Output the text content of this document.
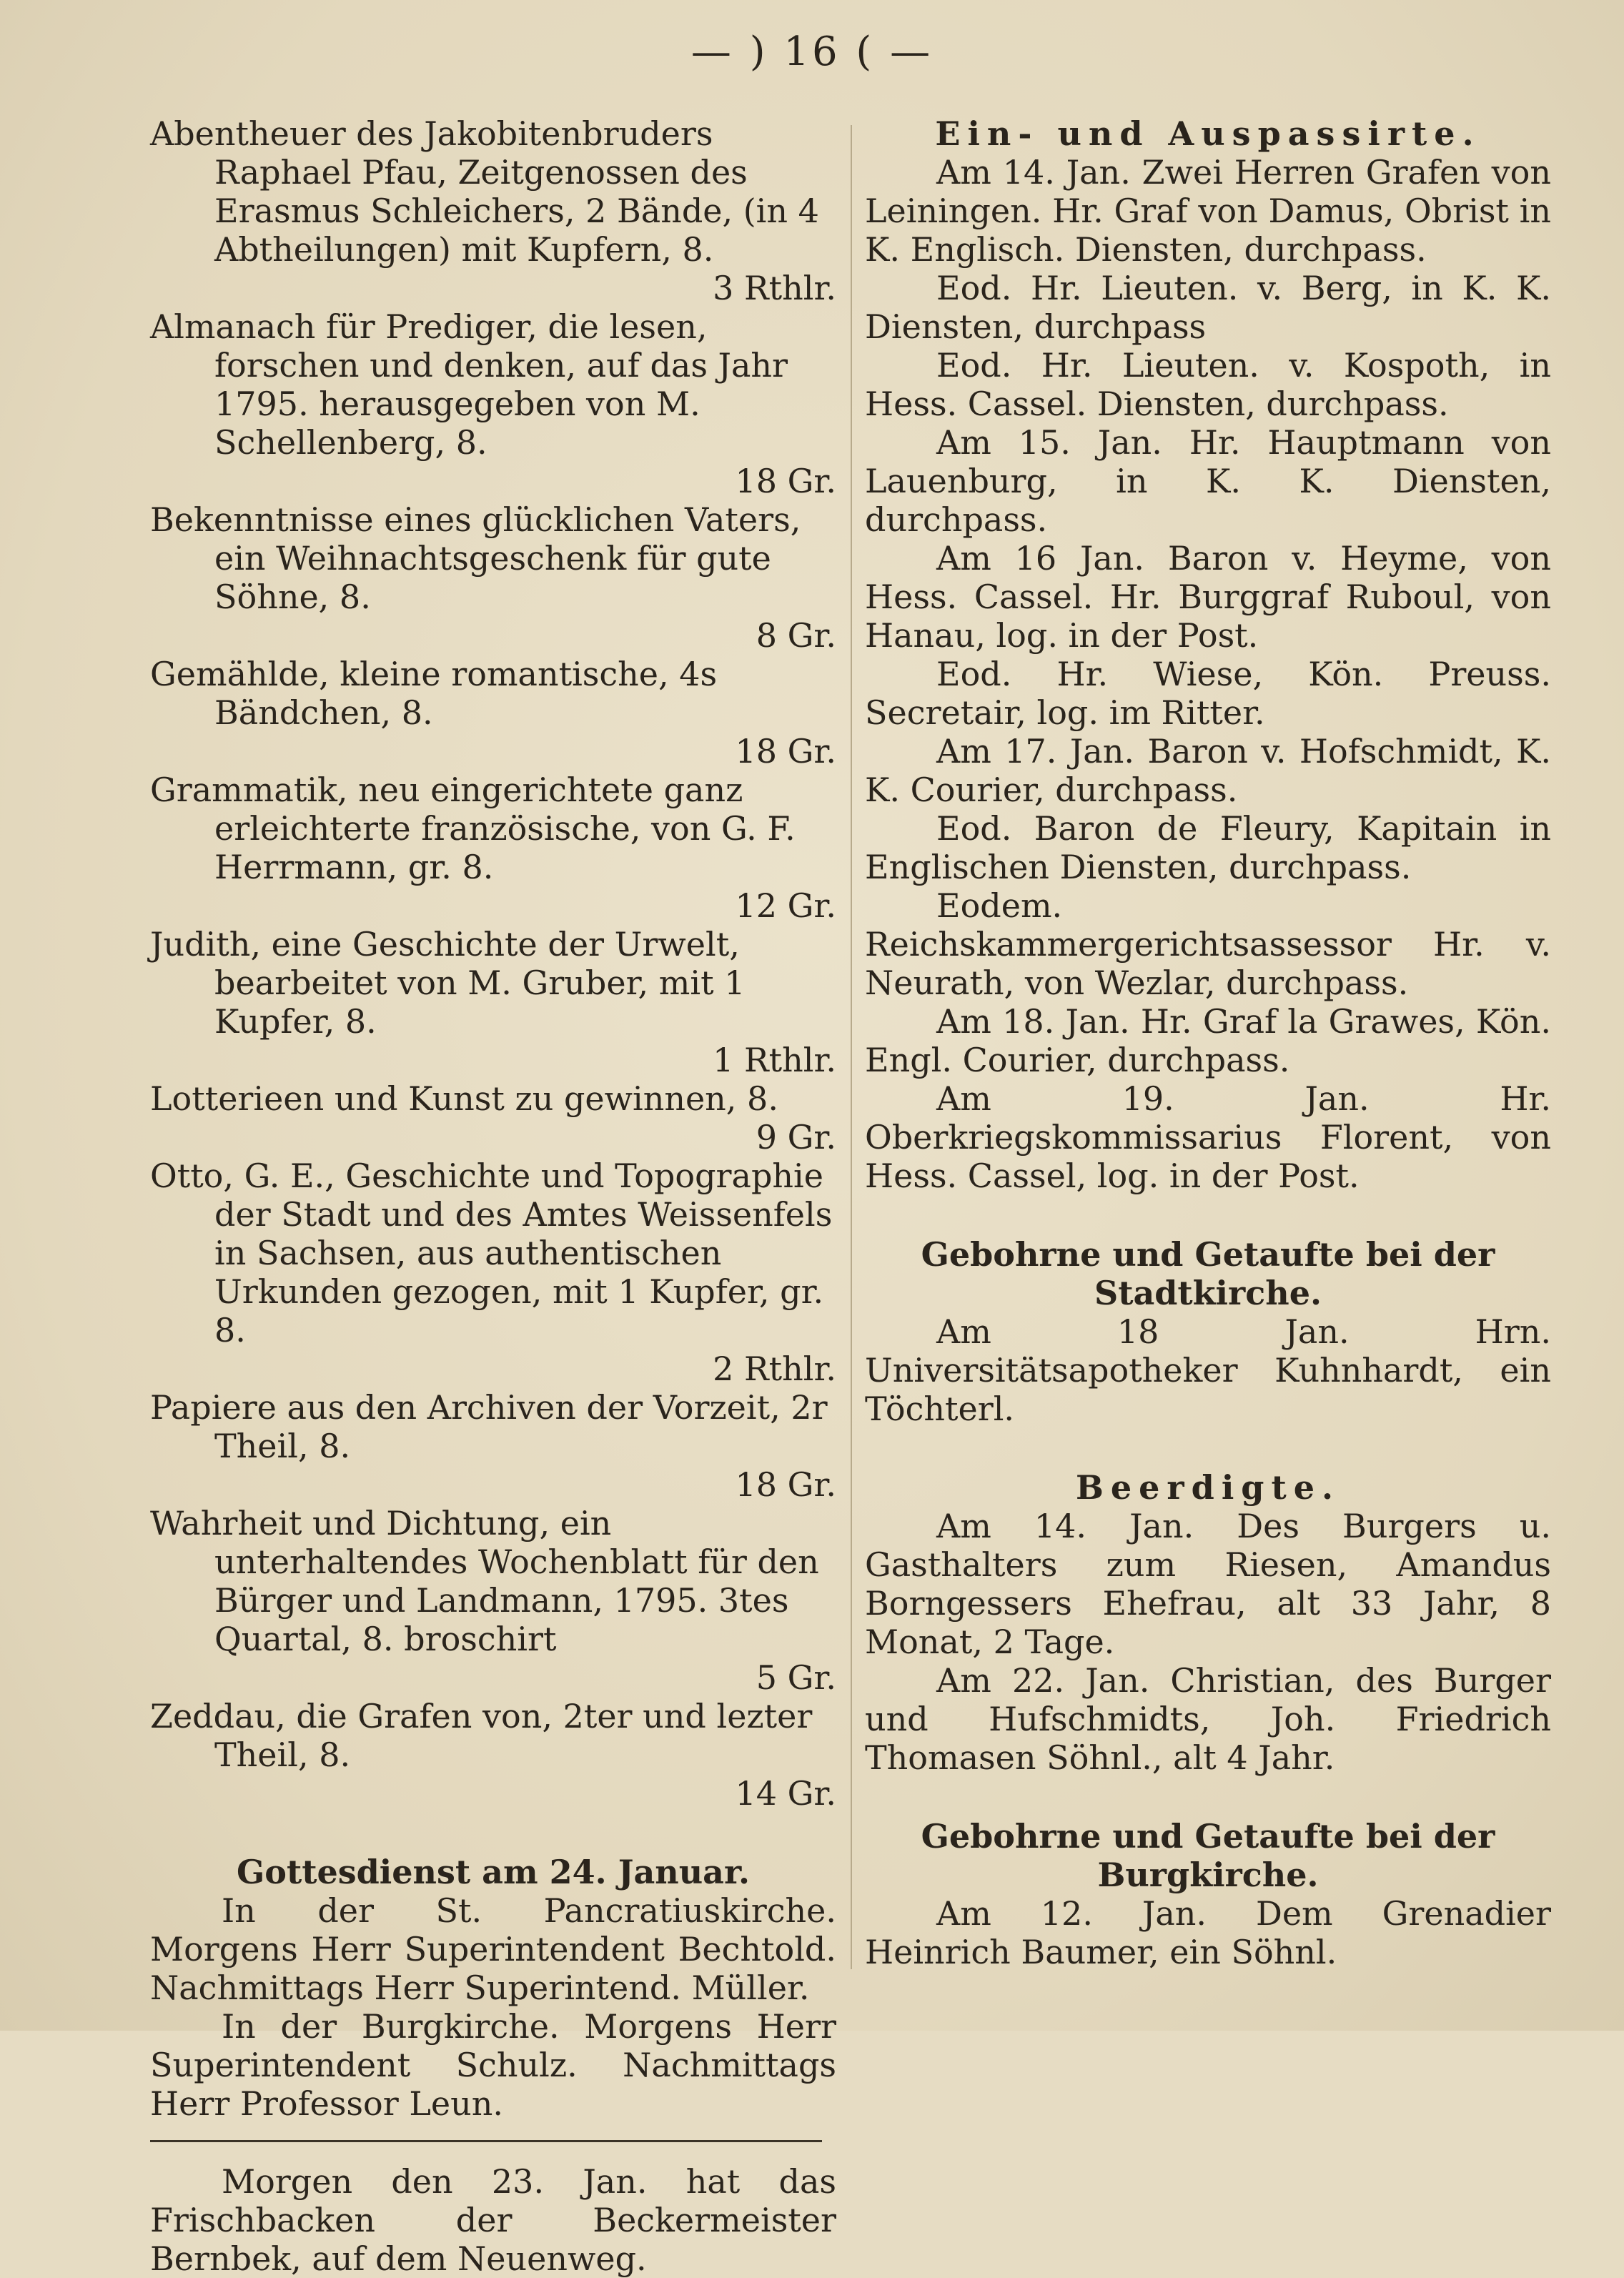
— ) 16 ( —
Abentheuer des Jakobitenbruders Raphael Pfau, Zeitgenossen des Erasmus Schleichers, 2 Bände, (in 4 Abtheilungen) mit Kupfern, 8.
3 Rthlr.
Almanach für Prediger, die lesen, forschen und denken, auf das Jahr 1795. herausgegeben von M. Schellenberg, 8.
18 Gr.
Bekenntnisse eines glücklichen Vaters, ein Weihnachtsgeschenk für gute Söhne, 8.
8 Gr.
Gemählde, kleine romantische, 4s Bändchen, 8.
18 Gr.
Grammatik, neu eingerichtete ganz erleichterte französische, von G. F. Herrmann, gr. 8.
12 Gr.
Judith, eine Geschichte der Urwelt, bearbeitet von M. Gruber, mit 1 Kupfer, 8.
1 Rthlr.
Lotterieen und Kunst zu gewinnen, 8.
9 Gr.
Otto, G. E., Geschichte und Topographie der Stadt und des Amtes Weissenfels in Sachsen, aus authentischen Urkunden gezogen, mit 1 Kupfer, gr. 8.
2 Rthlr.
Papiere aus den Archiven der Vorzeit, 2r Theil, 8.
18 Gr.
Wahrheit und Dichtung, ein unterhaltendes Wochenblatt für den Bürger und Landmann, 1795. 3tes Quartal, 8. broschirt
5 Gr.
Zeddau, die Grafen von, 2ter und lezter Theil, 8.
14 Gr.

Gottesdienst am 24. Januar.

In der St. Pancratiuskirche. Morgens Herr Superintendent Bechtold. Nachmittags Herr Superintend. Müller.

In der Burgkirche. Morgens Herr Superintendent Schulz. Nachmittags Herr Professor Leun.

Morgen den 23. Jan. hat das Frischbacken der Beckermeister Bernbek, auf dem Neuenweg.

Ein- und Auspassirte.

Am 14. Jan. Zwei Herren Grafen von Leiningen. Hr. Graf von Damus, Obrist in K. Englisch. Diensten, durchpass.

Eod. Hr. Lieuten. v. Berg, in K. K. Diensten, durchpass

Eod. Hr. Lieuten. v. Kospoth, in Hess. Cassel. Diensten, durchpass.

Am 15. Jan. Hr. Hauptmann von Lauenburg, in K. K. Diensten, durchpass.

Am 16 Jan. Baron v. Heyme, von Hess. Cassel. Hr. Burggraf Ruboul, von Hanau, log. in der Post.

Eod. Hr. Wiese, Kön. Preuss. Secretair, log. im Ritter.

Am 17. Jan. Baron v. Hofschmidt, K. K. Courier, durchpass.

Eod. Baron de Fleury, Kapitain in Englischen Diensten, durchpass.

Eodem. Reichskammergerichtsassessor Hr. v. Neurath, von Wezlar, durchpass.

Am 18. Jan. Hr. Graf la Grawes, Kön. Engl. Courier, durchpass.

Am 19. Jan. Hr. Oberkriegskommissarius Florent, von Hess. Cassel, log. in der Post.

Gebohrne und Getaufte bei der Stadtkirche.

Am 18 Jan. Hrn. Universitätsapotheker Kuhnhardt, ein Töchterl.

Beerdigte.

Am 14. Jan. Des Burgers u. Gasthalters zum Riesen, Amandus Borngessers Ehefrau, alt 33 Jahr, 8 Monat, 2 Tage.

Am 22. Jan. Christian, des Burger und Hufschmidts, Joh. Friedrich Thomasen Söhnl., alt 4 Jahr.

Gebohrne und Getaufte bei der Burgkirche.

Am 12. Jan. Dem Grenadier Heinrich Baumer, ein Söhnl.
